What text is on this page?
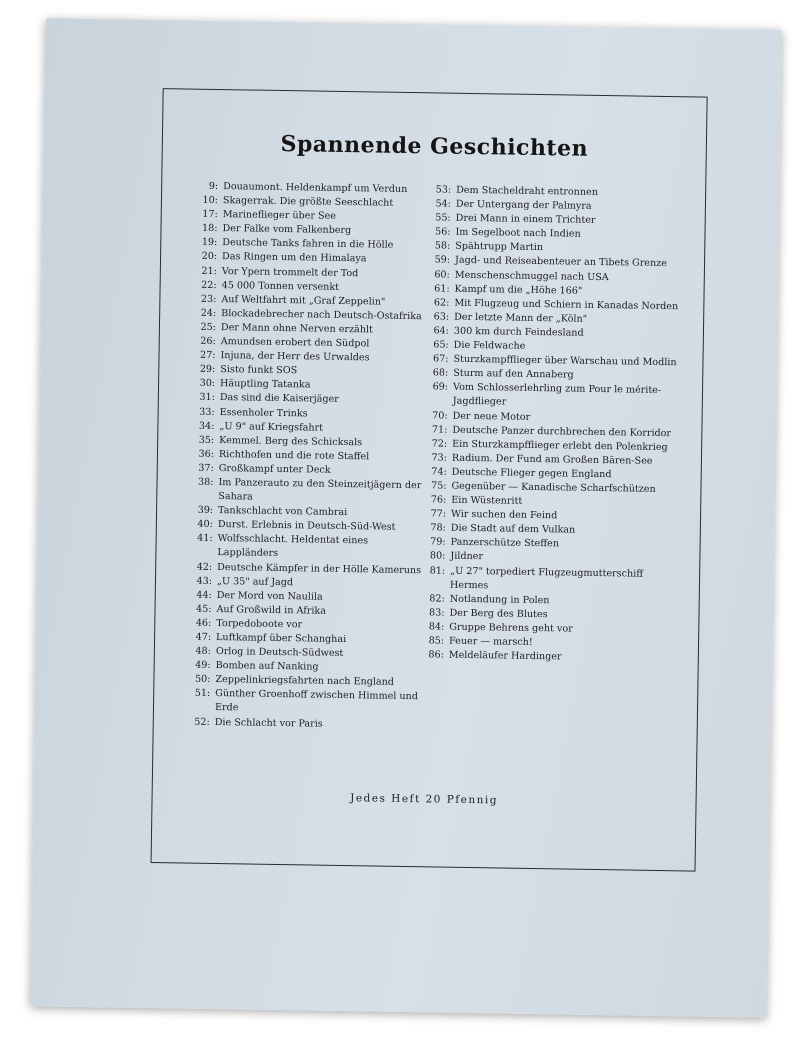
Spannende Geschichten
9: Douaumont. Heldenkampf um Verdun
10: Skagerrak. Die größte Seeschlacht
17: Marineflieger über See
18: Der Falke vom Falkenberg
19: Deutsche Tanks fahren in die Hölle
20: Das Ringen um den Himalaya
21: Vor Ypern trommelt der Tod
22: 45 000 Tonnen versenkt
23: Auf Weltfahrt mit „Graf Zeppelin"
24: Blockadebrecher nach Deutsch-Ostafrika
25: Der Mann ohne Nerven erzählt
26: Amundsen erobert den Südpol
27: Injuna, der Herr des Urwaldes
29: Sisto funkt SOS
30: Häuptling Tatanka
31: Das sind die Kaiserjäger
33: Essenholer Trinks
34: „U 9" auf Kriegsfahrt
35: Kemmel. Berg des Schicksals
36: Richthofen und die rote Staffel
37: Großkampf unter Deck
38: Im Panzerauto zu den Steinzeitjägern der Sahara
39: Tankschlacht von Cambrai
40: Durst. Erlebnis in Deutsch-Süd-West
41: Wolfsschlacht. Heldentat eines Lappländers
42: Deutsche Kämpfer in der Hölle Kameruns
43: „U 35" auf Jagd
44: Der Mord von Naulila
45: Auf Großwild in Afrika
46: Torpedoboote vor
47: Luftkampf über Schanghai
48: Orlog in Deutsch-Südwest
49: Bomben auf Nanking
50: Zeppelinkriegsfahrten nach England
51: Günther Groenhoff zwischen Himmel und Erde
52: Die Schlacht vor Paris
53: Dem Stacheldraht entronnen
54: Der Untergang der Palmyra
55: Drei Mann in einem Trichter
56: Im Segelboot nach Indien
58: Spähtrupp Martin
59: Jagd- und Reiseabenteuer an Tibets Grenze
60: Menschenschmuggel nach USA
61: Kampf um die „Höhe 166"
62: Mit Flugzeug und Schiern in Kanadas Norden
63: Der letzte Mann der „Köln"
64: 300 km durch Feindesland
65: Die Feldwache
67: Sturzkampfflieger über Warschau und Modlin
68: Sturm auf den Annaberg
69: Vom Schlosserlehrling zum Pour le mérite-Jagdflieger
70: Der neue Motor
71: Deutsche Panzer durchbrechen den Korridor
72: Ein Sturzkampfflieger erlebt den Polenkrieg
73: Radium. Der Fund am Großen Bären-See
74: Deutsche Flieger gegen England
75: Gegenüber — Kanadische Scharfschützen
76: Ein Wüstenritt
77: Wir suchen den Feind
78: Die Stadt auf dem Vulkan
79: Panzerschütze Steffen
80: Jildner
81: „U 27" torpediert Flugzeugmutterschiff Hermes
82: Notlandung in Polen
83: Der Berg des Blutes
84: Gruppe Behrens geht vor
85: Feuer — marsch!
86: Meldeläufer Hardinger
Jedes Heft 20 Pfennig
